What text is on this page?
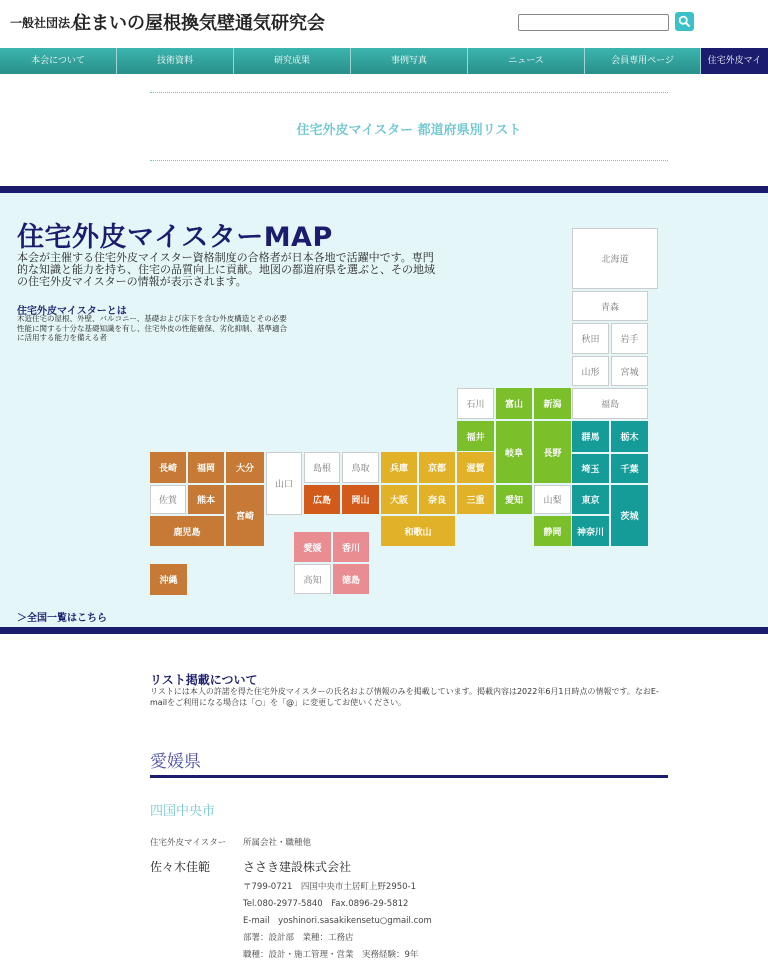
一般社団法人
住まいの屋根換気壁通気研究会
本会について	技術資料	研究成果	事例写真	ニュース	会員専用ページ	住宅外皮マイ
住宅外皮マイスター 都道府県別リスト
住宅外皮マイスターMAP
本会が主催する住宅外皮マイスター資格制度の合格者が日本各地で活躍中です。専門的な知識と能力を持ち、住宅の品質向上に貢献。地図の都道府県を選ぶと、その地域の住宅外皮マイスターの情報が表示されます。
住宅外皮マイスターとは
木造住宅の屋根、外壁、バルコニー、基礎および床下を含む外皮構造とその必要性能に関する十分な基礎知識を有し、住宅外皮の性能確保、劣化抑制、基準適合に活用する能力を備える者
＞全国一覧はこちら
北海道
青森
秋田	岩手
山形	宮城
福島
石川	富山	新潟
福井
岐阜	長野
群馬	栃木
埼玉	千葉
長崎	福岡	大分
山口
島根	鳥取	兵庫	京都	滋賀
佐賀	熊本
宮崎
広島	岡山	大阪	奈良	三重	愛知	山梨	東京
茨城
鹿児島	和歌山	静岡	神奈川
愛媛	香川
高知	徳島
沖縄
リスト掲載について
リストには本人の許諾を得た住宅外皮マイスターの氏名および情報のみを掲載しています。掲載内容は2022年6月1日時点の情報です。なおE-mailをご利用になる場合は「○」を「@」に変更してお使いください。
愛媛県
四国中央市
住宅外皮マイスター 所属会社・職種他
佐々木佳範	ささき建設株式会社
〒799-0721　四国中央市土居町上野2950-1
Tel.080-2977-5840　Fax.0896-29-5812
E-mail　yoshinori.sasakikensetu○gmail.com
部署：設計部　業種：工務店
職種：設計・施工管理・営業　実務経験：9年
